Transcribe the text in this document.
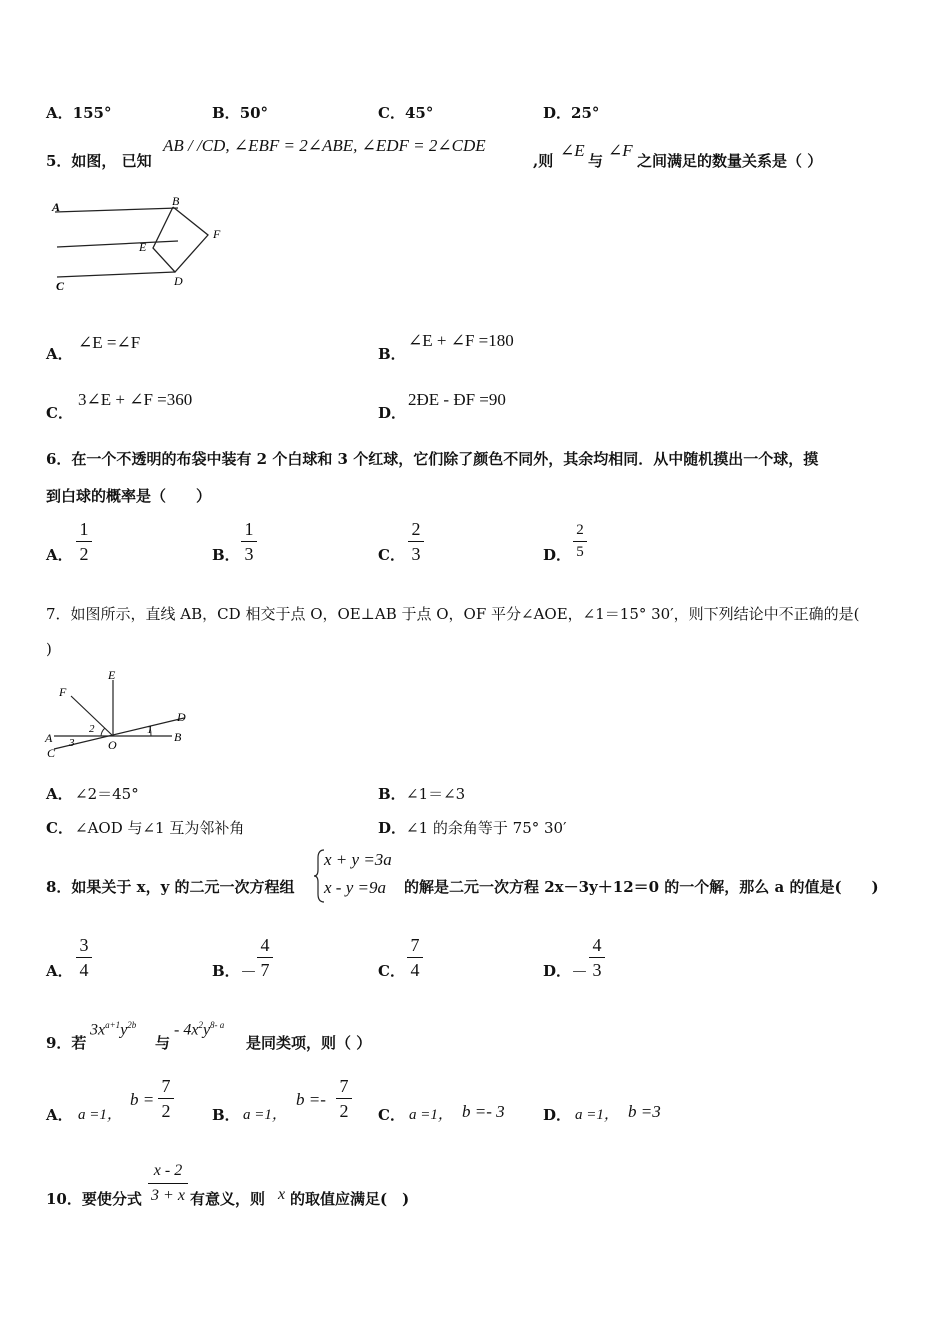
A．155°	B．50°	C．45°	D．25°
5．如图， 已知
AB / /CD, ∠EBF = 2∠ABE, ∠EDF = 2∠CDE
,则
∠E
与
∠F
之间满足的数量关系是（ ）
A	B
F
E
C	D
A．
∠E =∠F
B．
∠E + ∠F =180
C．
3∠E + ∠F =360
D．
2ÐE - ÐF =90
6．在一个不透明的布袋中装有 2 个白球和 3 个红球，它们除了颜色不同外，其余均相同．从中随机摸出一个球，摸
到白球的概率是（　　）
A．
1
2	B．
1
3	C．
2
3	D．
2
5
7．如图所示，直线 AB，CD 相交于点 O，OE⊥AB 于点 O，OF 平分∠AOE，∠1＝15° 30′，则下列结论中不正确的是(
)
E
F
D
B
A
C
O
2
3
1
A． ∠2＝45°	B． ∠1＝∠3
C． ∠AOD 与∠1 互为邻补角	D． ∠1 的余角等于 75° 30′
8．如果关于 x，y 的二元一次方程组
x + y =3a
x - y =9a 的解是二元一次方程 2x－3y＋12＝0 的一个解，那么 a 的值是(　　)
A．
3
4	B． －
4
7	C．
7
4	D． －
4
3
9．若
$3x^{a+1}y^{2b}$
与
- $4x^2y^{8- a}$
是同类项，则（ ）
A． a =1，
b =
7
2	B． a =1，
b =-
7
2 C． a =1， b =- 3	D． a =1， b =3
10．要使分式
x - 2
3 + x 有意义，则 x 的取值应满足(　)
